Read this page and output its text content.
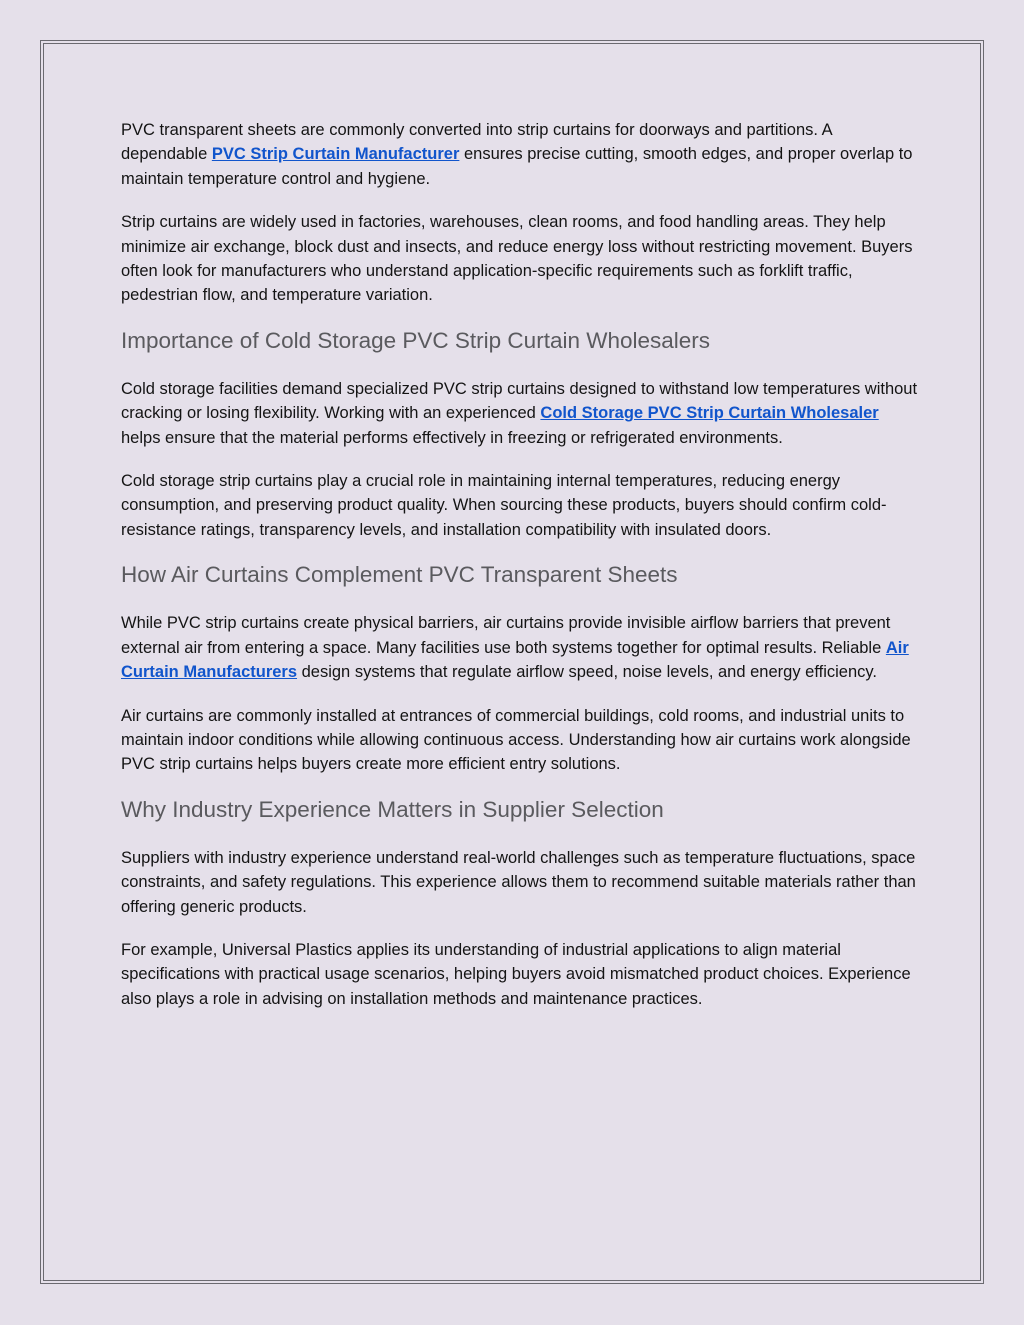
PVC transparent sheets are commonly converted into strip curtains for doorways and partitions. A dependable PVC Strip Curtain Manufacturer ensures precise cutting, smooth edges, and proper overlap to maintain temperature control and hygiene.

Strip curtains are widely used in factories, warehouses, clean rooms, and food handling areas. They help minimize air exchange, block dust and insects, and reduce energy loss without restricting movement. Buyers often look for manufacturers who understand application-specific requirements such as forklift traffic, pedestrian flow, and temperature variation.

Importance of Cold Storage PVC Strip Curtain Wholesalers

Cold storage facilities demand specialized PVC strip curtains designed to withstand low temperatures without cracking or losing flexibility. Working with an experienced Cold Storage PVC Strip Curtain Wholesaler helps ensure that the material performs effectively in freezing or refrigerated environments.

Cold storage strip curtains play a crucial role in maintaining internal temperatures, reducing energy consumption, and preserving product quality. When sourcing these products, buyers should confirm cold-resistance ratings, transparency levels, and installation compatibility with insulated doors.

How Air Curtains Complement PVC Transparent Sheets

While PVC strip curtains create physical barriers, air curtains provide invisible airflow barriers that prevent external air from entering a space. Many facilities use both systems together for optimal results. Reliable Air Curtain Manufacturers design systems that regulate airflow speed, noise levels, and energy efficiency.

Air curtains are commonly installed at entrances of commercial buildings, cold rooms, and industrial units to maintain indoor conditions while allowing continuous access. Understanding how air curtains work alongside PVC strip curtains helps buyers create more efficient entry solutions.

Why Industry Experience Matters in Supplier Selection

Suppliers with industry experience understand real-world challenges such as temperature fluctuations, space constraints, and safety regulations. This experience allows them to recommend suitable materials rather than offering generic products.

For example, Universal Plastics applies its understanding of industrial applications to align material specifications with practical usage scenarios, helping buyers avoid mismatched product choices. Experience also plays a role in advising on installation methods and maintenance practices.
